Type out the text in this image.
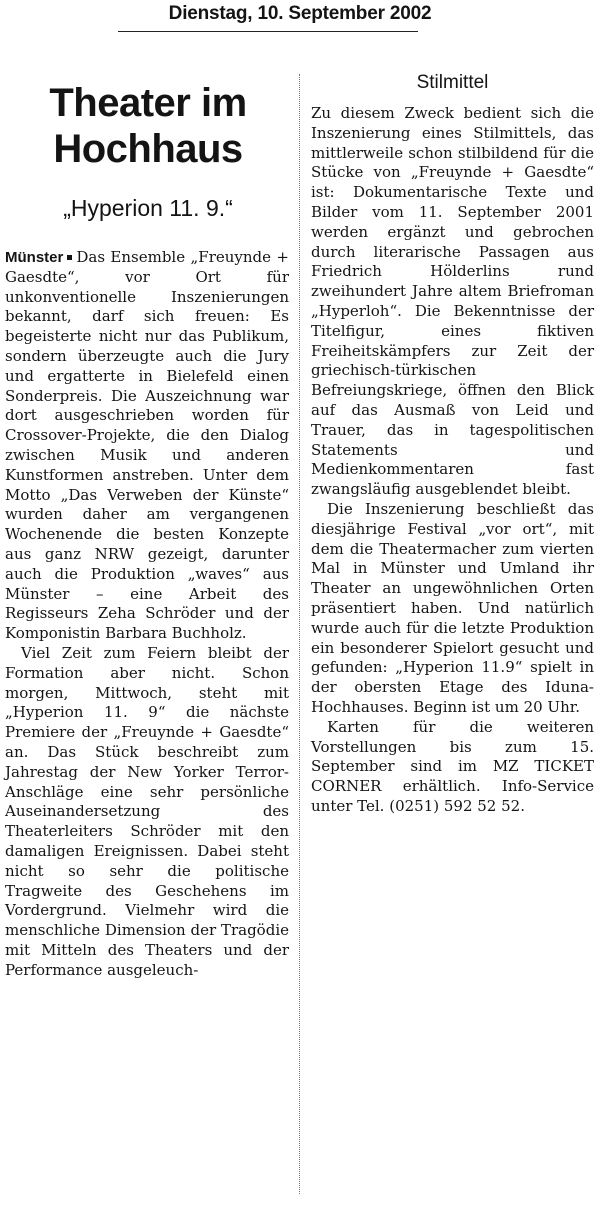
Dienstag, 10. September 2002
Theater im
Hochhaus
„Hyperion 11. 9.“

Münster Das Ensemble „Freuynde + Gaesdte“, vor Ort für unkonventionelle Inszenierungen bekannt, darf sich freuen: Es begeisterte nicht nur das Publikum, sondern überzeugte auch die Jury und ergatterte in Bielefeld einen Sonderpreis. Die Auszeichnung war dort ausgeschrieben worden für Crossover-Projekte, die den Dialog zwischen Musik und anderen Kunstformen anstreben. Unter dem Motto „Das Verweben der Künste“ wurden daher am vergangenen Wochenende die besten Konzepte aus ganz NRW gezeigt, darunter auch die Produktion „waves“ aus Münster – eine Arbeit des Regisseurs Zeha Schröder und der Komponistin Barbara Buchholz.

Viel Zeit zum Feiern bleibt der Formation aber nicht. Schon morgen, Mittwoch, steht mit „Hyperion 11. 9“ die nächste Premiere der „Freuynde + Gaesdte“ an. Das Stück beschreibt zum Jahrestag der New Yorker Terror-Anschläge eine sehr persönliche Auseinandersetzung des Theaterleiters Schröder mit den damaligen Ereignissen. Dabei steht nicht so sehr die politische Tragweite des Geschehens im Vordergrund. Vielmehr wird die menschliche Dimension der Tragödie mit Mitteln des Theaters und der Performance ausgeleuch-

Stilmittel

Zu diesem Zweck bedient sich die Inszenierung eines Stilmittels, das mittlerweile schon stilbildend für die Stücke von „Freuynde + Gaesdte“ ist: Dokumentarische Texte und Bilder vom 11. September 2001 werden ergänzt und gebrochen durch literarische Passagen aus Friedrich Hölderlins rund zweihundert Jahre altem Briefroman „Hyperloh“. Die Bekenntnisse der Titelfigur, eines fiktiven Freiheitskämpfers zur Zeit der griechisch-türkischen Befreiungskriege, öffnen den Blick auf das Ausmaß von Leid und Trauer, das in tagespolitischen Statements und Medienkommentaren fast zwangsläufig ausgeblendet bleibt.

Die Inszenierung beschließt das diesjährige Festival „vor ort“, mit dem die Theatermacher zum vierten Mal in Münster und Umland ihr Theater an ungewöhnlichen Orten präsentiert haben. Und natürlich wurde auch für die letzte Produktion ein besonderer Spielort gesucht und gefunden: „Hyperion 11.9“ spielt in der obersten Etage des Iduna-Hochhauses. Beginn ist um 20 Uhr.

Karten für die weiteren Vorstellungen bis zum 15. September sind im MZ TICKET CORNER erhältlich. Info-Service unter Tel. (0251) 592 52 52.
